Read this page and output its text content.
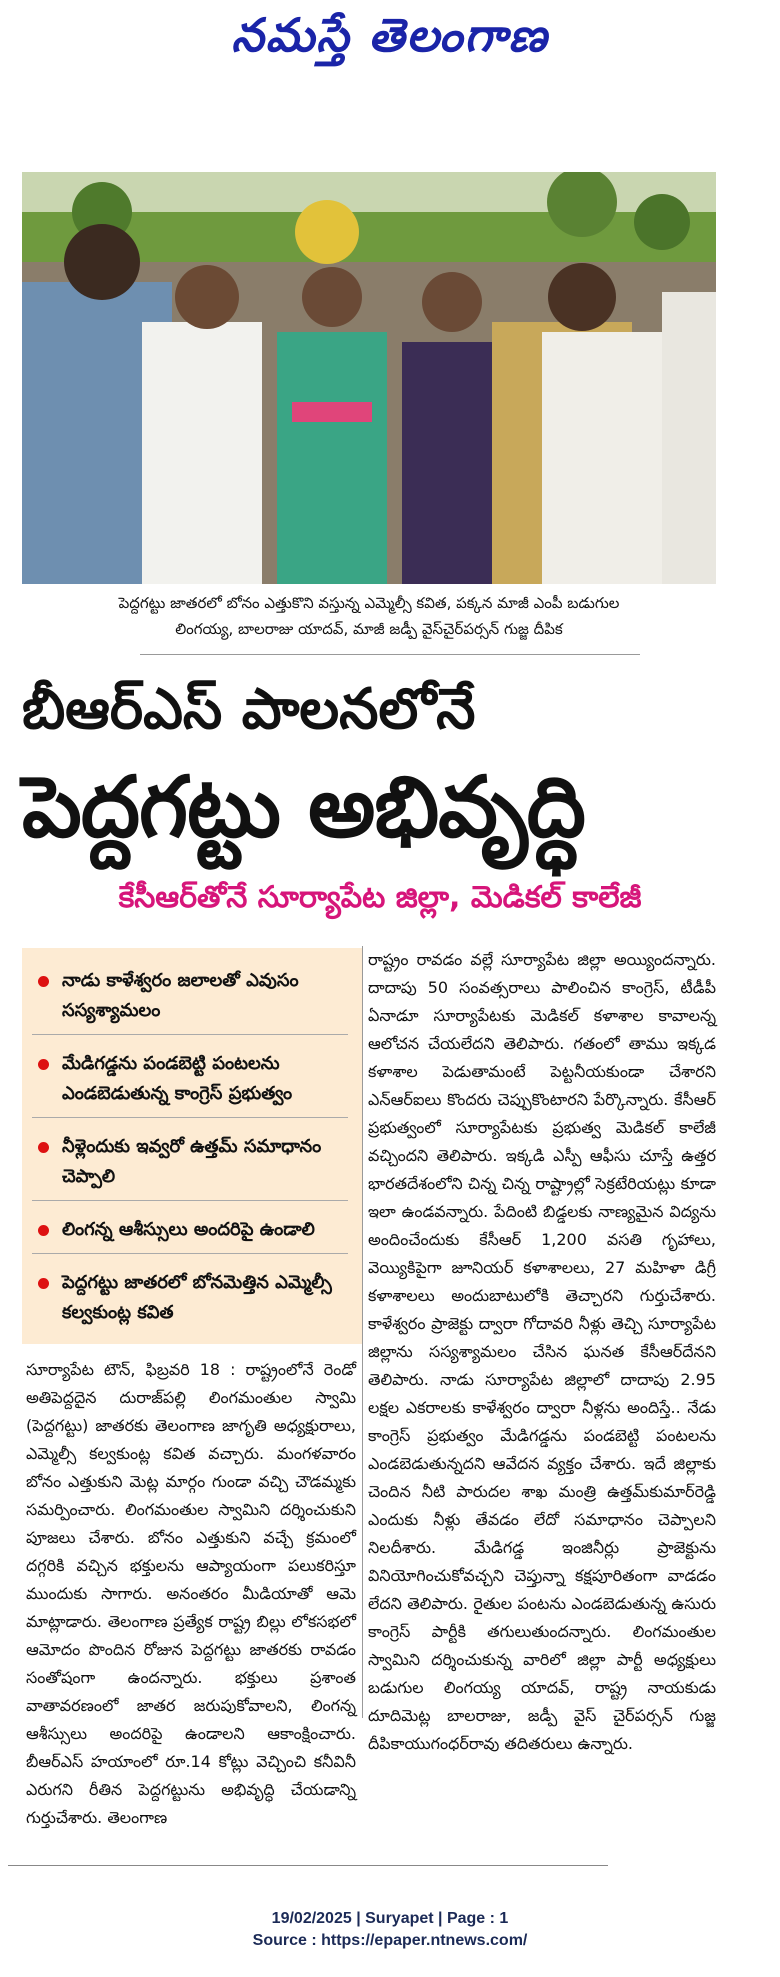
నమస్తే తెలంగాణ
పెద్దగట్టు జాతరలో బోనం ఎత్తుకొని వస్తున్న ఎమ్మెల్సీ కవిత, పక్కన మాజీ ఎంపీ బడుగుల
లింగయ్య, బాలరాజు యాదవ్, మాజీ జడ్పీ వైస్‌చైర్‌పర్సన్ గుజ్జ దీపిక
బీఆర్‌ఎస్ పాలనలోనే
పెద్దగట్టు అభివృద్ధి
కేసీఆర్‌తోనే సూర్యాపేట జిల్లా, మెడికల్ కాలేజీ
నాడు కాళేశ్వరం జలాలతో ఎవుసం సస్యశ్యామలం
మేడిగడ్డను పండబెట్టి పంటలను ఎండబెడుతున్న కాంగ్రెస్ ప్రభుత్వం
నీళ్లెందుకు ఇవ్వరో ఉత్తమ్ సమాధానం చెప్పాలి
లింగన్న ఆశీస్సులు అందరిపై ఉండాలి
పెద్దగట్టు జాతరలో బోనమెత్తిన ఎమ్మెల్సీ కల్వకుంట్ల కవిత
రాష్ట్రం రావడం వల్లే సూర్యాపేట జిల్లా అయ్యిందన్నారు. దాదాపు 50 సంవత్సరాలు పాలించిన కాంగ్రెస్, టీడీపీ ఏనాడూ సూర్యాపేటకు మెడికల్ కళాశాల కావాలన్న ఆలోచన చేయలేదని తెలిపారు. గతంలో తాము ఇక్కడ కళాశాల పెడుతామంటే పెట్టనీయకుండా చేశారని ఎన్‌ఆర్‌ఐలు కొందరు చెప్పుకొంటారని పేర్కొన్నారు. కేసీఆర్ ప్రభుత్వంలో సూర్యాపేటకు ప్రభుత్వ మెడికల్ కాలేజీ వచ్చిందని తెలిపారు. ఇక్కడి ఎస్పీ ఆఫీసు చూస్తే ఉత్తర భారతదేశంలోని చిన్న చిన్న రాష్ట్రాల్లో సెక్రటేరియట్లు కూడా ఇలా ఉండవన్నారు. పేదింటి బిడ్డలకు నాణ్యమైన విద్యను అందించేందుకు కేసీఆర్ 1,200 వసతి గృహాలు, వెయ్యికిపైగా జూనియర్ కళాశాలలు, 27 మహిళా డిగ్రీ కళాశాలలు అందుబాటులోకి తెచ్చారని గుర్తుచేశారు. కాళేశ్వరం ప్రాజెక్టు ద్వారా గోదావరి నీళ్లు తెచ్చి సూర్యాపేట జిల్లాను సస్యశ్యామలం చేసిన ఘనత కేసీఆర్‌దేనని తెలిపారు. నాడు సూర్యాపేట జిల్లాలో దాదాపు 2.95 లక్షల ఎకరాలకు కాళేశ్వరం ద్వారా నీళ్లను అందిస్తే.. నేడు కాంగ్రెస్ ప్రభుత్వం మేడిగడ్డను పండబెట్టి పంటలను ఎండబెడుతున్నదని ఆవేదన వ్యక్తం చేశారు. ఇదే జిల్లాకు చెందిన నీటి పారుదల శాఖ మంత్రి ఉత్తమ్‌కుమార్‌రెడ్డి ఎందుకు నీళ్లు తేవడం లేదో సమాధానం చెప్పాలని నిలదీశారు. మేడిగడ్డ ఇంజినీర్లు ప్రాజెక్టును వినియోగించుకోవచ్చని చెప్తున్నా కక్షపూరితంగా వాడడం లేదని తెలిపారు. రైతుల పంటను ఎండబెడుతున్న ఉసురు కాంగ్రెస్ పార్టీకి తగులుతుందన్నారు. లింగమంతుల స్వామిని దర్శించుకున్న వారిలో జిల్లా పార్టీ అధ్యక్షులు బడుగుల లింగయ్య యాదవ్, రాష్ట్ర నాయకుడు దూదిమెట్ల బాలరాజు, జడ్పీ వైస్ చైర్‌పర్సన్ గుజ్జ దీపికాయుగంధర్‌రావు తదితరులు ఉన్నారు.
సూర్యాపేట టౌన్, ఫిబ్రవరి 18 : రాష్ట్రంలోనే రెండో అతిపెద్దదైన దురాజ్‌పల్లి లింగమంతుల స్వామి (పెద్దగట్టు) జాతరకు తెలంగాణ జాగృతి అధ్యక్షురాలు, ఎమ్మెల్సీ కల్వకుంట్ల కవిత వచ్చారు. మంగళవారం బోనం ఎత్తుకుని మెట్ల మార్గం గుండా వచ్చి చౌడమ్మకు సమర్పించారు. లింగమంతుల స్వామిని దర్శించుకుని పూజలు చేశారు. బోనం ఎత్తుకుని వచ్చే క్రమంలో దగ్గరికి వచ్చిన భక్తులను ఆప్యాయంగా పలుకరిస్తూ ముందుకు సాగారు. అనంతరం మీడియాతో ఆమె మాట్లాడారు. తెలంగాణ ప్రత్యేక రాష్ట్ర బిల్లు లోకసభలో ఆమోదం పొందిన రోజున పెద్దగట్టు జాతరకు రావడం సంతోషంగా ఉందన్నారు. భక్తులు ప్రశాంత వాతావరణంలో జాతర జరుపుకోవాలని, లింగన్న ఆశీస్సులు అందరిపై ఉండాలని ఆకాంక్షించారు. బీఆర్‌ఎస్ హయాంలో రూ.14 కోట్లు వెచ్చించి కనీవినీ ఎరుగని రీతిన పెద్దగట్టును అభివృద్ధి చేయడాన్ని గుర్తుచేశారు. తెలంగాణ
19/02/2025 | Suryapet | Page : 1
Source : https://epaper.ntnews.com/
